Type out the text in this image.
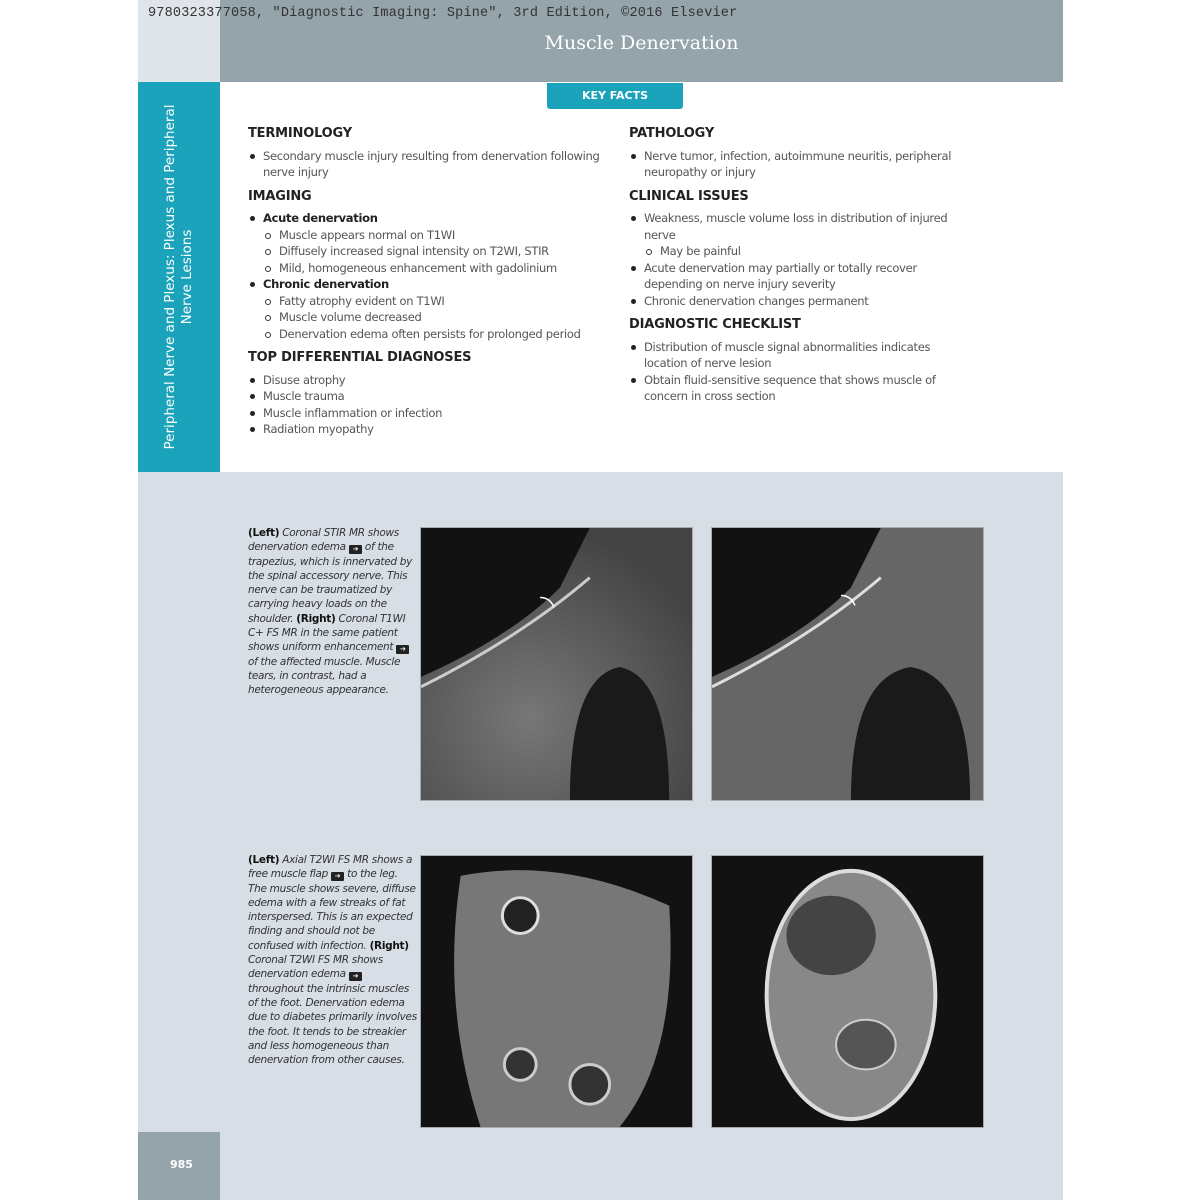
9780323377058, "Diagnostic Imaging: Spine", 3rd Edition, ©2016 Elsevier
Muscle Denervation
Peripheral Nerve and Plexus: Plexus and Peripheral Nerve Lesions
KEY FACTS
TERMINOLOGY
Secondary muscle injury resulting from denervation following nerve injury
IMAGING
Acute denervation
Muscle appears normal on T1WI
Diffusely increased signal intensity on T2WI, STIR
Mild, homogeneous enhancement with gadolinium
Chronic denervation
Fatty atrophy evident on T1WI
Muscle volume decreased
Denervation edema often persists for prolonged period
TOP DIFFERENTIAL DIAGNOSES
Disuse atrophy
Muscle trauma
Muscle inflammation or infection
Radiation myopathy
PATHOLOGY
Nerve tumor, infection, autoimmune neuritis, peripheral neuropathy or injury
CLINICAL ISSUES
Weakness, muscle volume loss in distribution of injured nerve
May be painful
Acute denervation may partially or totally recover depending on nerve injury severity
Chronic denervation changes permanent
DIAGNOSTIC CHECKLIST
Distribution of muscle signal abnormalities indicates location of nerve lesion
Obtain fluid-sensitive sequence that shows muscle of concern in cross section
(Left) Coronal STIR MR shows denervation edema ➔ of the trapezius, which is innervated by the spinal accessory nerve. This nerve can be traumatized by carrying heavy loads on the shoulder. (Right) Coronal T1WI C+ FS MR in the same patient shows uniform enhancement ➔ of the affected muscle. Muscle tears, in contrast, had a heterogeneous appearance.
(Left) Axial T2WI FS MR shows a free muscle flap ➔ to the leg. The muscle shows severe, diffuse edema with a few streaks of fat interspersed. This is an expected finding and should not be confused with infection. (Right) Coronal T2WI FS MR shows denervation edema ➔ throughout the intrinsic muscles of the foot. Denervation edema due to diabetes primarily involves the foot. It tends to be streakier and less homogeneous than denervation from other causes.
985
